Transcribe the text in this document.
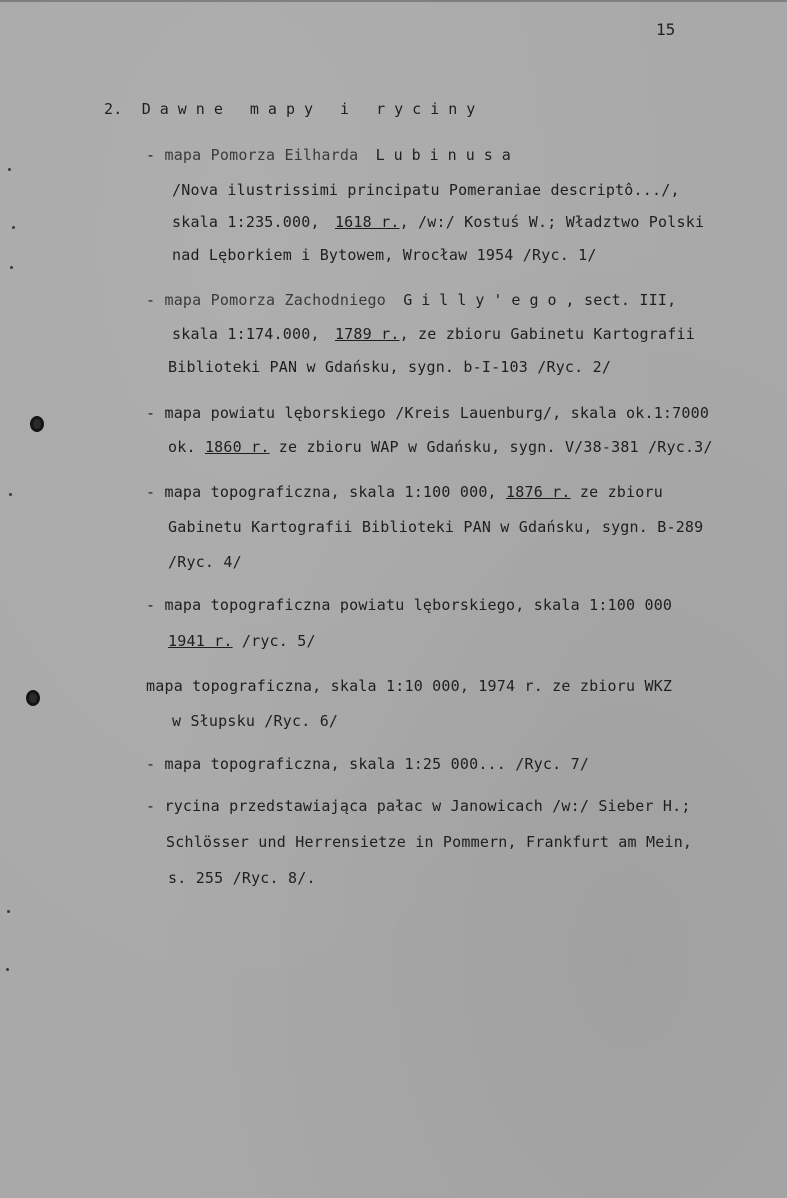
15
2. Dawne mapy i ryciny
- mapa Pomorza Eilharda Lubinusa
/Nova ilustrissimi principatu Pomeraniae descriptô.../,
skala 1:235.000, 1618 r., /w:/ Kostuś W.; Władztwo Polski
nad Lęborkiem i Bytowem, Wrocław 1954 /Ryc. 1/
- mapa Pomorza Zachodniego Gilly'ego, sect. III,
skala 1:174.000, 1789 r., ze zbioru Gabinetu Kartografii
Biblioteki PAN w Gdańsku, sygn. b-I-103 /Ryc. 2/
- mapa powiatu lęborskiego /Kreis Lauenburg/, skala ok.1:7000
ok. 1860 r. ze zbioru WAP w Gdańsku, sygn. V/38-381 /Ryc.3/
- mapa topograficzna, skala 1:100 000, 1876 r. ze zbioru
Gabinetu Kartografii Biblioteki PAN w Gdańsku, sygn. B-289
/Ryc. 4/
- mapa topograficzna powiatu lęborskiego, skala 1:100 000
1941 r. /ryc. 5/
mapa topograficzna, skala 1:10 000, 1974 r. ze zbioru WKZ
w Słupsku /Ryc. 6/
- mapa topograficzna, skala 1:25 000... /Ryc. 7/
- rycina przedstawiająca pałac w Janowicach /w:/ Sieber H.;
Schlösser und Herrensietze in Pommern, Frankfurt am Mein,
s. 255 /Ryc. 8/.
